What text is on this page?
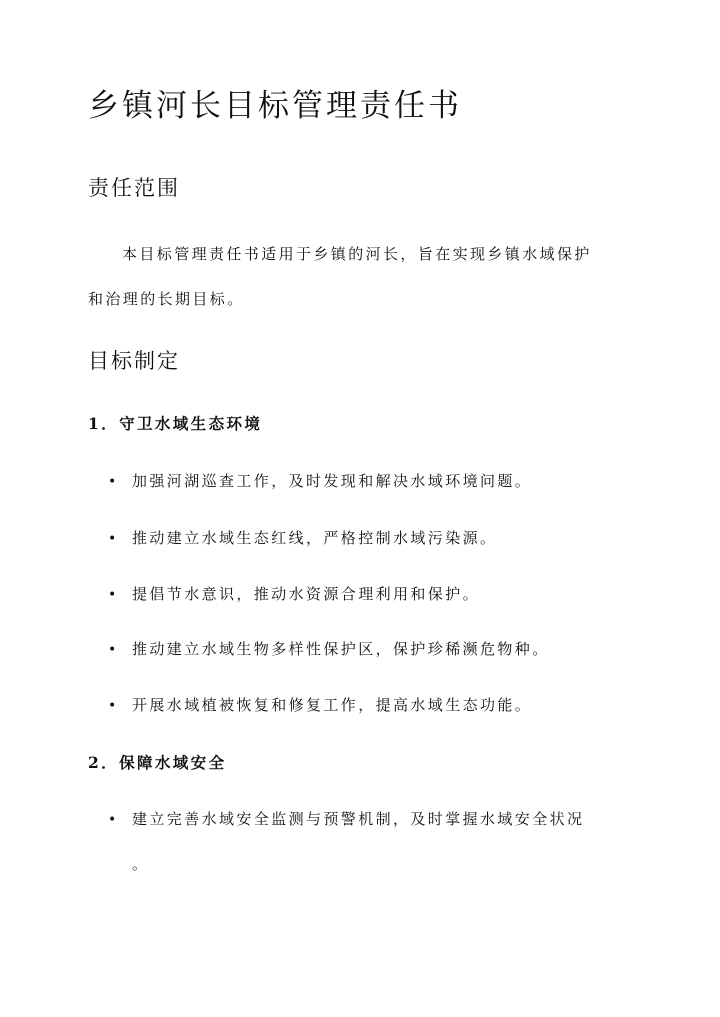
乡镇河长目标管理责任书
责任范围

本目标管理责任书适用于乡镇的河长，旨在实现乡镇水域保护

和治理的长期目标。

目标制定
1．守卫水域生态环境
• 加强河湖巡查工作，及时发现和解决水域环境问题。
• 推动建立水域生态红线，严格控制水域污染源。
• 提倡节水意识，推动水资源合理利用和保护。
• 推动建立水域生物多样性保护区，保护珍稀濒危物种。
• 开展水域植被恢复和修复工作，提高水域生态功能。
2．保障水域安全
• 建立完善水域安全监测与预警机制，及时掌握水域安全状况
。
